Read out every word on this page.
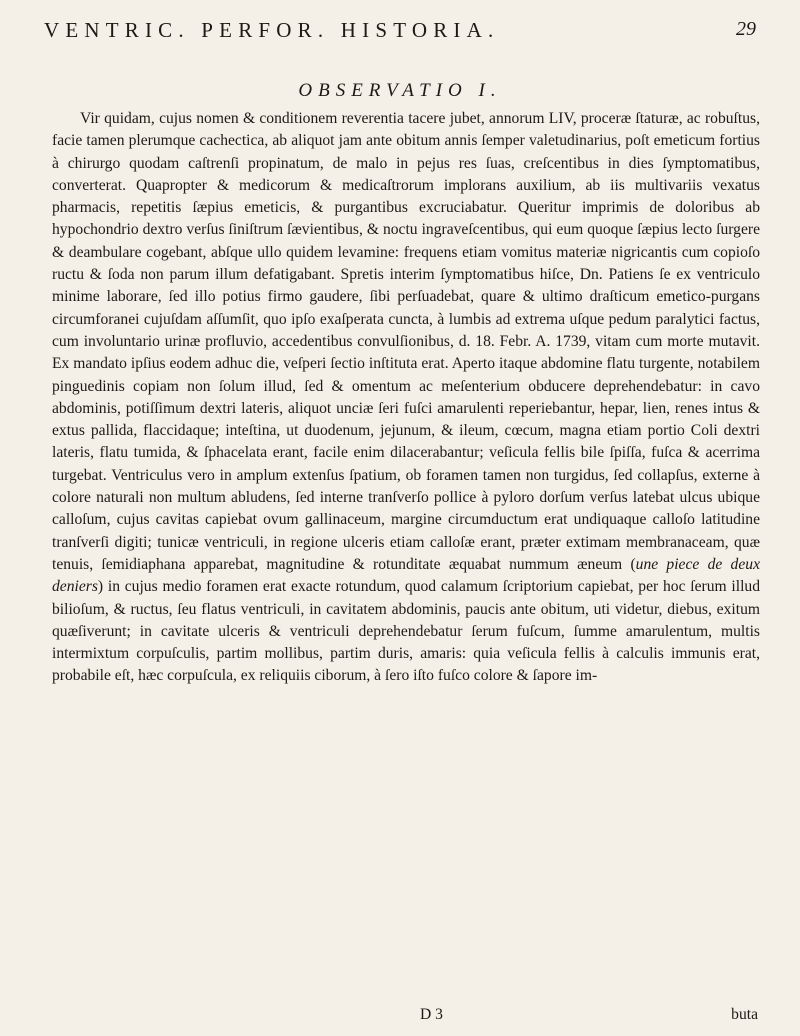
VENTRIC. PERFOR. HISTORIA.	29
OBSERVATIO I.

Vir quidam, cujus nomen & conditionem reverentia tacere jubet, annorum LIV, proceræ ſtaturæ, ac robuſtus, facie tamen plerumque cachectica, ab aliquot jam ante obitum annis ſemper valetudinarius, poſt emeticum fortius à chirurgo quodam caſtrenſi propinatum, de malo in pejus res ſuas, creſcentibus in dies ſymptomatibus, converterat. Quapropter & medicorum & medicaſtrorum implorans auxilium, ab iis multivariis vexatus pharmacis, repetitis ſæpius emeticis, & purgantibus excruciabatur. Queritur imprimis de doloribus ab hypochondrio dextro verſus ſiniſtrum ſævientibus, & noctu ingraveſcentibus, qui eum quoque ſæpius lecto ſurgere & deambulare cogebant, abſque ullo quidem levamine: frequens etiam vomitus materiæ nigricantis cum copioſo ructu & ſoda non parum illum defatigabant. Spretis interim ſymptomatibus hiſce, Dn. Patiens ſe ex ventriculo minime laborare, ſed illo potius firmo gaudere, ſibi perſuadebat, quare & ultimo draſticum emetico-purgans circumforanei cujuſdam aſſumſit, quo ipſo exaſperata cuncta, à lumbis ad extrema uſque pedum paralytici factus, cum involuntario urinæ profluvio, accedentibus convulſionibus, d. 18. Febr. A. 1739, vitam cum morte mutavit. Ex mandato ipſius eodem adhuc die, veſperi ſectio inſtituta erat. Aperto itaque abdomine flatu turgente, notabilem pinguedinis copiam non ſolum illud, ſed & omentum ac meſenterium obducere deprehendebatur: in cavo abdominis, potiſſimum dextri lateris, aliquot unciæ ſeri fuſci amarulenti reperiebantur, hepar, lien, renes intus & extus pallida, flaccidaque; inteſtina, ut duodenum, jejunum, & ileum, cœcum, magna etiam portio Coli dextri lateris, flatu tumida, & ſphacelata erant, facile enim dilacerabantur; veſicula fellis bile ſpiſſa, fuſca & acerrima turgebat. Ventriculus vero in amplum extenſus ſpatium, ob foramen tamen non turgidus, ſed collapſus, externe à colore naturali non multum abludens, ſed interne tranſverſo pollice à pyloro dorſum verſus latebat ulcus ubique calloſum, cujus cavitas capiebat ovum gallinaceum, margine circumductum erat undiquaque calloſo latitudine tranſverſi digiti; tunicæ ventriculi, in regione ulceris etiam calloſæ erant, præter extimam membranaceam, quæ tenuis, ſemidiaphana apparebat, magnitudine & rotunditate æquabat nummum æneum (une piece de deux deniers) in cujus medio foramen erat exacte rotundum, quod calamum ſcriptorium capiebat, per hoc ſerum illud bilioſum, & ructus, ſeu flatus ventriculi, in cavitatem abdominis, paucis ante obitum, uti videtur, diebus, exitum quæſiverunt; in cavitate ulceris & ventriculi deprehendebatur ſerum fuſcum, ſumme amarulentum, multis intermixtum corpuſculis, partim mollibus, partim duris, amaris: quia veſicula fellis à calculis immunis erat, probabile eſt, hæc corpuſcula, ex reliquiis ciborum, à ſero iſto fuſco colore & ſapore im-

D 3	buta
